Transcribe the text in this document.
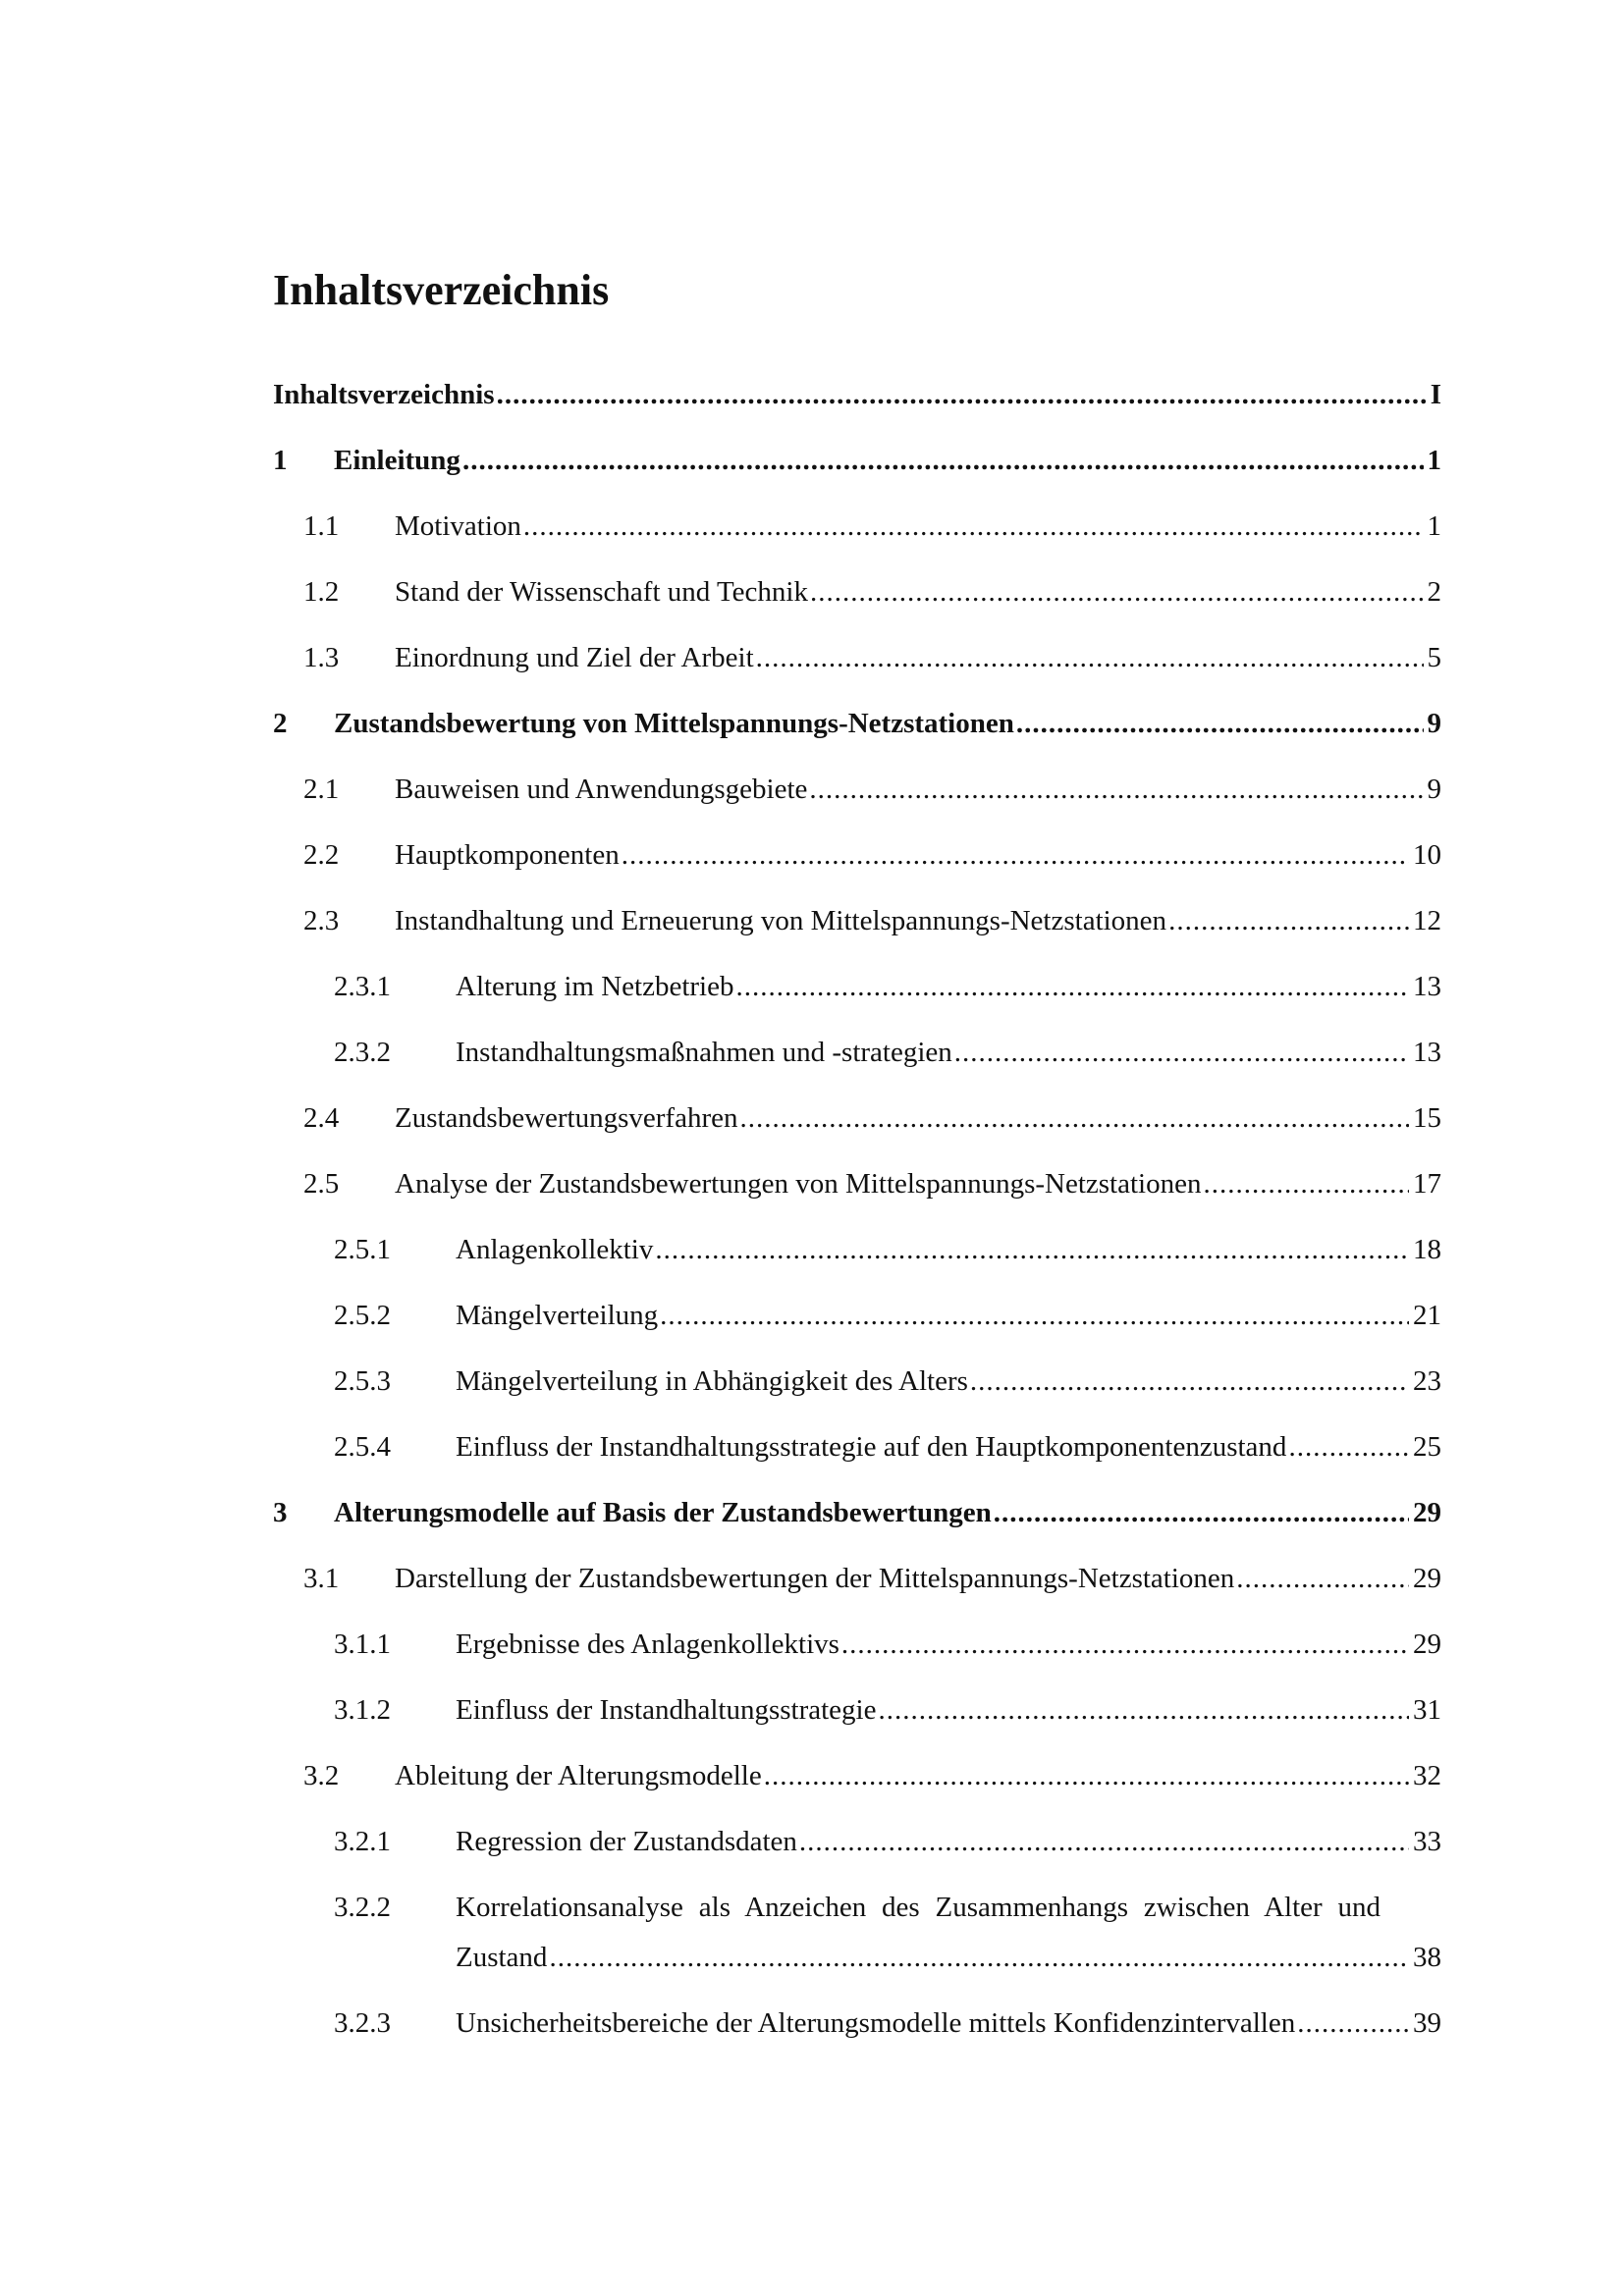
Inhaltsverzeichnis
Inhaltsverzeichnis .....	I
1 Einleitung .....	1
1.1 Motivation .....	1
1.2 Stand der Wissenschaft und Technik .....	2
1.3 Einordnung und Ziel der Arbeit .....	5
2 Zustandsbewertung von Mittelspannungs-Netzstationen .....	9
2.1 Bauweisen und Anwendungsgebiete .....	9
2.2 Hauptkomponenten .....	10
2.3 Instandhaltung und Erneuerung von Mittelspannungs-Netzstationen .....	12
2.3.1 Alterung im Netzbetrieb .....	13
2.3.2 Instandhaltungsmaßnahmen und -strategien .....	13
2.4 Zustandsbewertungsverfahren .....	15
2.5 Analyse der Zustandsbewertungen von Mittelspannungs-Netzstationen .....	17
2.5.1 Anlagenkollektiv .....	18
2.5.2 Mängelverteilung .....	21
2.5.3 Mängelverteilung in Abhängigkeit des Alters .....	23
2.5.4 Einfluss der Instandhaltungsstrategie auf den Hauptkomponentenzustand .....	25
3 Alterungsmodelle auf Basis der Zustandsbewertungen .....	29
3.1 Darstellung der Zustandsbewertungen der Mittelspannungs-Netzstationen .....	29
3.1.1 Ergebnisse des Anlagenkollektivs .....	29
3.1.2 Einfluss der Instandhaltungsstrategie .....	31
3.2 Ableitung der Alterungsmodelle .....	32
3.2.1 Regression der Zustandsdaten .....	33
3.2.2 Korrelationsanalyse als Anzeichen des Zusammenhangs zwischen Alter und
Zustand .....	38
3.2.3 Unsicherheitsbereiche der Alterungsmodelle mittels Konfidenzintervallen .....	39
